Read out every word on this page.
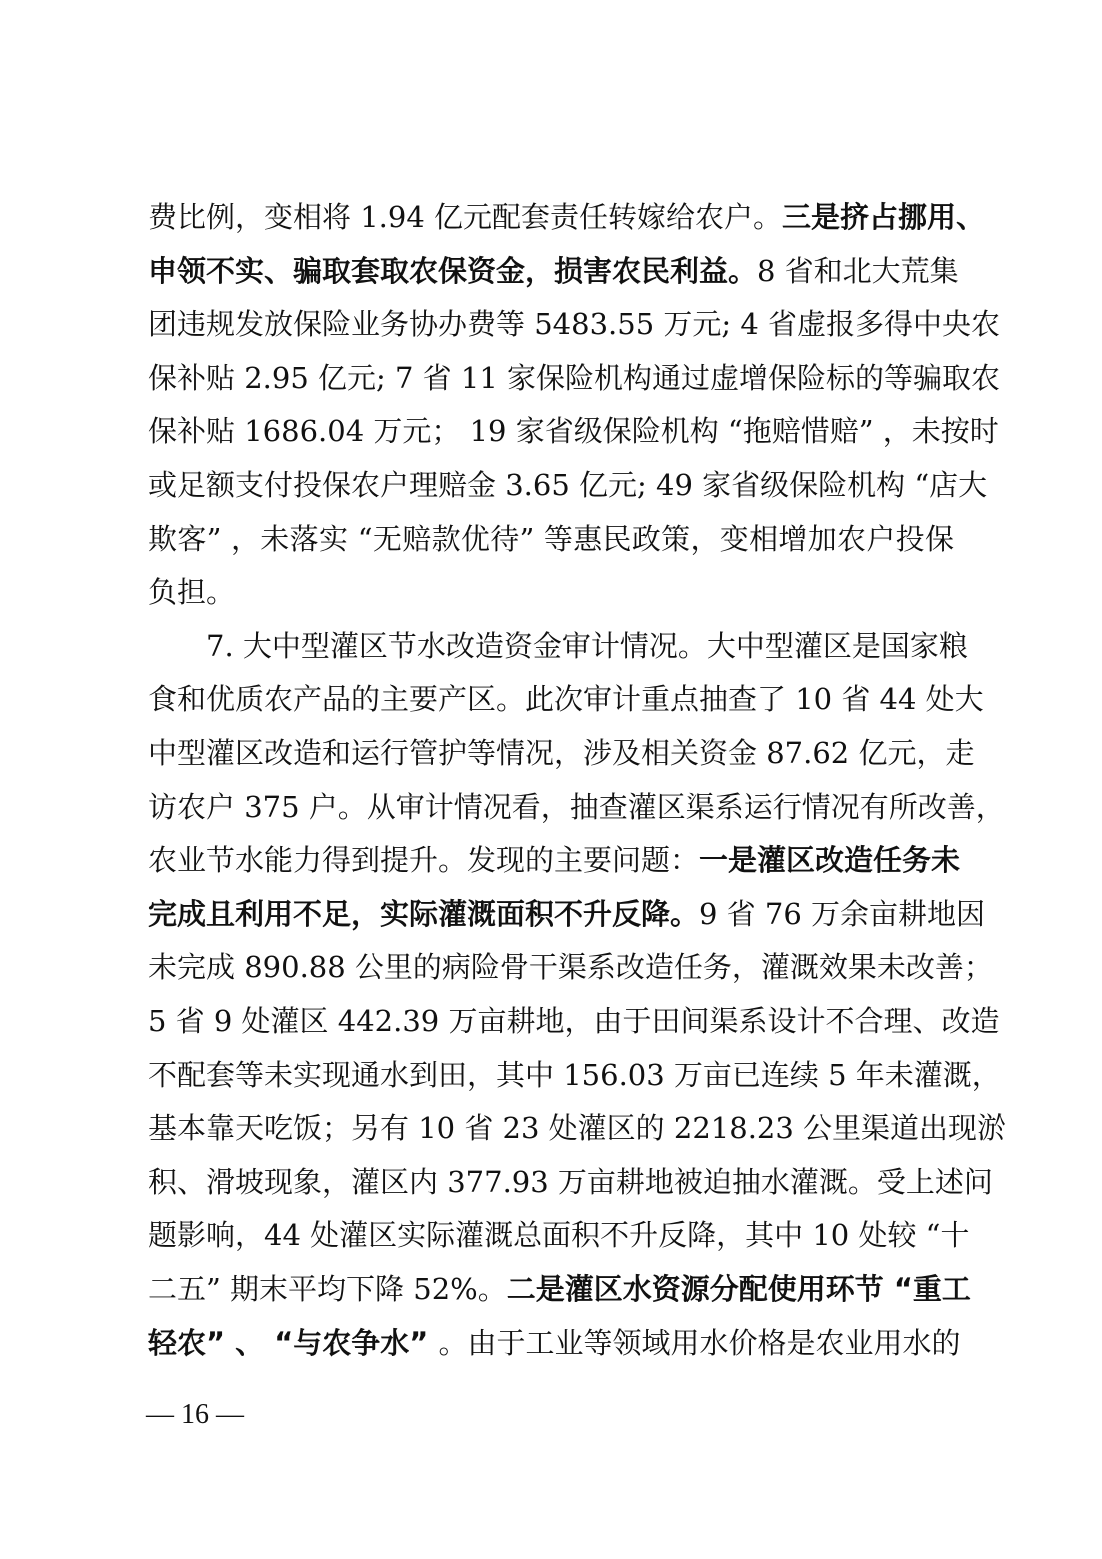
费比例，变相将 1.94 亿元配套责任转嫁给农户。三是挤占挪用、
申领不实、骗取套取农保资金，损害农民利益。8 省和北大荒集
团违规发放保险业务协办费等 5483.55 万元; 4 省虚报多得中央农
保补贴 2.95 亿元; 7 省 11 家保险机构通过虚增保险标的等骗取农
保补贴 1686.04 万元； 19 家省级保险机构 “拖赔惜赔” ，未按时
或足额支付投保农户理赔金 3.65 亿元; 49 家省级保险机构 “店大
欺客” ，未落实 “无赔款优待” 等惠民政策，变相增加农户投保
负担。
7. 大中型灌区节水改造资金审计情况。大中型灌区是国家粮
食和优质农产品的主要产区。此次审计重点抽查了 10 省 44 处大
中型灌区改造和运行管护等情况，涉及相关资金 87.62 亿元，走
访农户 375 户。从审计情况看，抽查灌区渠系运行情况有所改善，
农业节水能力得到提升。发现的主要问题：一是灌区改造任务未
完成且利用不足，实际灌溉面积不升反降。9 省 76 万余亩耕地因
未完成 890.88 公里的病险骨干渠系改造任务，灌溉效果未改善；
5 省 9 处灌区 442.39 万亩耕地，由于田间渠系设计不合理、改造
不配套等未实现通水到田，其中 156.03 万亩已连续 5 年未灌溉，
基本靠天吃饭；另有 10 省 23 处灌区的 2218.23 公里渠道出现淤
积、滑坡现象，灌区内 377.93 万亩耕地被迫抽水灌溉。受上述问
题影响，44 处灌区实际灌溉总面积不升反降，其中 10 处较 “十
二五” 期末平均下降 52%。二是灌区水资源分配使用环节 “重工
轻农” 、 “与农争水” 。由于工业等领域用水价格是农业用水的
— 16 —
